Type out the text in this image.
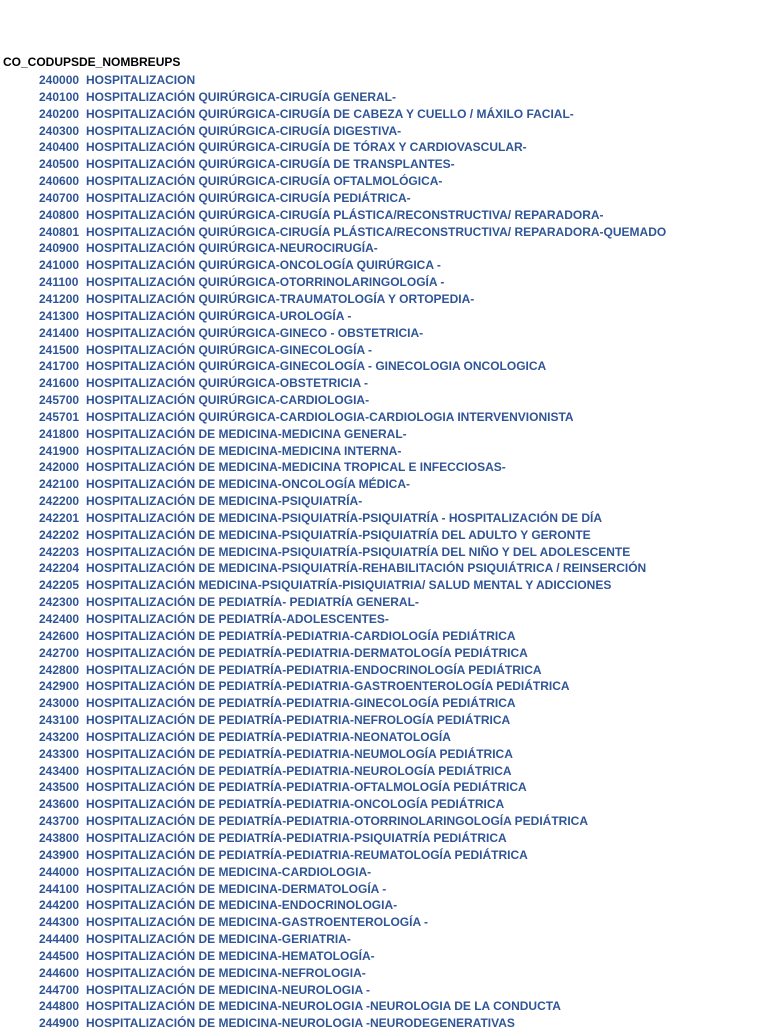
CO_CODUPSDE_NOMBREUPS
240000 HOSPITALIZACION
240100 HOSPITALIZACIÓN QUIRÚRGICA-CIRUGÍA GENERAL-
240200 HOSPITALIZACIÓN QUIRÚRGICA-CIRUGÍA DE CABEZA Y CUELLO / MÁXILO FACIAL-
240300 HOSPITALIZACIÓN QUIRÚRGICA-CIRUGÍA DIGESTIVA-
240400 HOSPITALIZACIÓN QUIRÚRGICA-CIRUGÍA DE TÓRAX Y CARDIOVASCULAR-
240500 HOSPITALIZACIÓN QUIRÚRGICA-CIRUGÍA DE TRANSPLANTES-
240600 HOSPITALIZACIÓN QUIRÚRGICA-CIRUGÍA OFTALMOLÓGICA-
240700 HOSPITALIZACIÓN QUIRÚRGICA-CIRUGÍA PEDIÁTRICA-
240800 HOSPITALIZACIÓN QUIRÚRGICA-CIRUGÍA PLÁSTICA/RECONSTRUCTIVA/ REPARADORA-
240801 HOSPITALIZACIÓN QUIRÚRGICA-CIRUGÍA PLÁSTICA/RECONSTRUCTIVA/ REPARADORA-QUEMADO
240900 HOSPITALIZACIÓN QUIRÚRGICA-NEUROCIRUGÍA-
241000 HOSPITALIZACIÓN QUIRÚRGICA-ONCOLOGÍA QUIRÚRGICA -
241100 HOSPITALIZACIÓN QUIRÚRGICA-OTORRINOLARINGOLOGÍA -
241200 HOSPITALIZACIÓN QUIRÚRGICA-TRAUMATOLOGÍA Y ORTOPEDIA-
241300 HOSPITALIZACIÓN QUIRÚRGICA-UROLOGÍA -
241400 HOSPITALIZACIÓN QUIRÚRGICA-GINECO - OBSTETRICIA-
241500 HOSPITALIZACIÓN QUIRÚRGICA-GINECOLOGÍA -
241700 HOSPITALIZACIÓN QUIRÚRGICA-GINECOLOGÍA - GINECOLOGIA ONCOLOGICA
241600 HOSPITALIZACIÓN QUIRÚRGICA-OBSTETRICIA -
245700 HOSPITALIZACIÓN QUIRÚRGICA-CARDIOLOGIA-
245701 HOSPITALIZACIÓN QUIRÚRGICA-CARDIOLOGIA-CARDIOLOGIA INTERVENVIONISTA
241800 HOSPITALIZACIÓN DE MEDICINA-MEDICINA GENERAL-
241900 HOSPITALIZACIÓN DE MEDICINA-MEDICINA INTERNA-
242000 HOSPITALIZACIÓN DE MEDICINA-MEDICINA TROPICAL E INFECCIOSAS-
242100 HOSPITALIZACIÓN DE MEDICINA-ONCOLOGÍA MÉDICA-
242200 HOSPITALIZACIÓN DE MEDICINA-PSIQUIATRÍA-
242201 HOSPITALIZACIÓN DE MEDICINA-PSIQUIATRÍA-PSIQUIATRÍA - HOSPITALIZACIÓN DE DÍA
242202 HOSPITALIZACIÓN DE MEDICINA-PSIQUIATRÍA-PSIQUIATRÍA DEL ADULTO Y GERONTE
242203 HOSPITALIZACIÓN DE MEDICINA-PSIQUIATRÍA-PSIQUIATRÍA DEL NIÑO Y DEL ADOLESCENTE
242204 HOSPITALIZACIÓN DE MEDICINA-PSIQUIATRÍA-REHABILITACIÓN PSIQUIÁTRICA / REINSERCIÓN
242205 HOSPITALIZACIÓN MEDICINA-PSIQUIATRÍA-PISIQUIATRIA/ SALUD MENTAL Y ADICCIONES
242300 HOSPITALIZACIÓN DE PEDIATRÍA- PEDIATRÍA GENERAL-
242400 HOSPITALIZACIÓN DE PEDIATRÍA-ADOLESCENTES-
242600 HOSPITALIZACIÓN DE PEDIATRÍA-PEDIATRIA-CARDIOLOGÍA PEDIÁTRICA
242700 HOSPITALIZACIÓN DE PEDIATRÍA-PEDIATRIA-DERMATOLOGÍA PEDIÁTRICA
242800 HOSPITALIZACIÓN DE PEDIATRÍA-PEDIATRIA-ENDOCRINOLOGÍA PEDIÁTRICA
242900 HOSPITALIZACIÓN DE PEDIATRÍA-PEDIATRIA-GASTROENTEROLOGÍA PEDIÁTRICA
243000 HOSPITALIZACIÓN DE PEDIATRÍA-PEDIATRIA-GINECOLOGÍA PEDIÁTRICA
243100 HOSPITALIZACIÓN DE PEDIATRÍA-PEDIATRIA-NEFROLOGÍA PEDIÁTRICA
243200 HOSPITALIZACIÓN DE PEDIATRÍA-PEDIATRIA-NEONATOLOGÍA
243300 HOSPITALIZACIÓN DE PEDIATRÍA-PEDIATRIA-NEUMOLOGÍA PEDIÁTRICA
243400 HOSPITALIZACIÓN DE PEDIATRÍA-PEDIATRIA-NEUROLOGÍA PEDIÁTRICA
243500 HOSPITALIZACIÓN DE PEDIATRÍA-PEDIATRIA-OFTALMOLOGÍA PEDIÁTRICA
243600 HOSPITALIZACIÓN DE PEDIATRÍA-PEDIATRIA-ONCOLOGÍA PEDIÁTRICA
243700 HOSPITALIZACIÓN DE PEDIATRÍA-PEDIATRIA-OTORRINOLARINGOLOGÍA PEDIÁTRICA
243800 HOSPITALIZACIÓN DE PEDIATRÍA-PEDIATRIA-PSIQUIATRÍA PEDIÁTRICA
243900 HOSPITALIZACIÓN DE PEDIATRÍA-PEDIATRIA-REUMATOLOGÍA PEDIÁTRICA
244000 HOSPITALIZACIÓN DE MEDICINA-CARDIOLOGIA-
244100 HOSPITALIZACIÓN DE MEDICINA-DERMATOLOGÍA -
244200 HOSPITALIZACIÓN DE MEDICINA-ENDOCRINOLOGIA-
244300 HOSPITALIZACIÓN DE MEDICINA-GASTROENTEROLOGÍA -
244400 HOSPITALIZACIÓN DE MEDICINA-GERIATRIA-
244500 HOSPITALIZACIÓN DE MEDICINA-HEMATOLOGÍA-
244600 HOSPITALIZACIÓN DE MEDICINA-NEFROLOGIA-
244700 HOSPITALIZACIÓN DE MEDICINA-NEUROLOGIA -
244800 HOSPITALIZACIÓN DE MEDICINA-NEUROLOGIA -NEUROLOGIA DE LA CONDUCTA
244900 HOSPITALIZACIÓN DE MEDICINA-NEUROLOGIA -NEURODEGENERATIVAS
